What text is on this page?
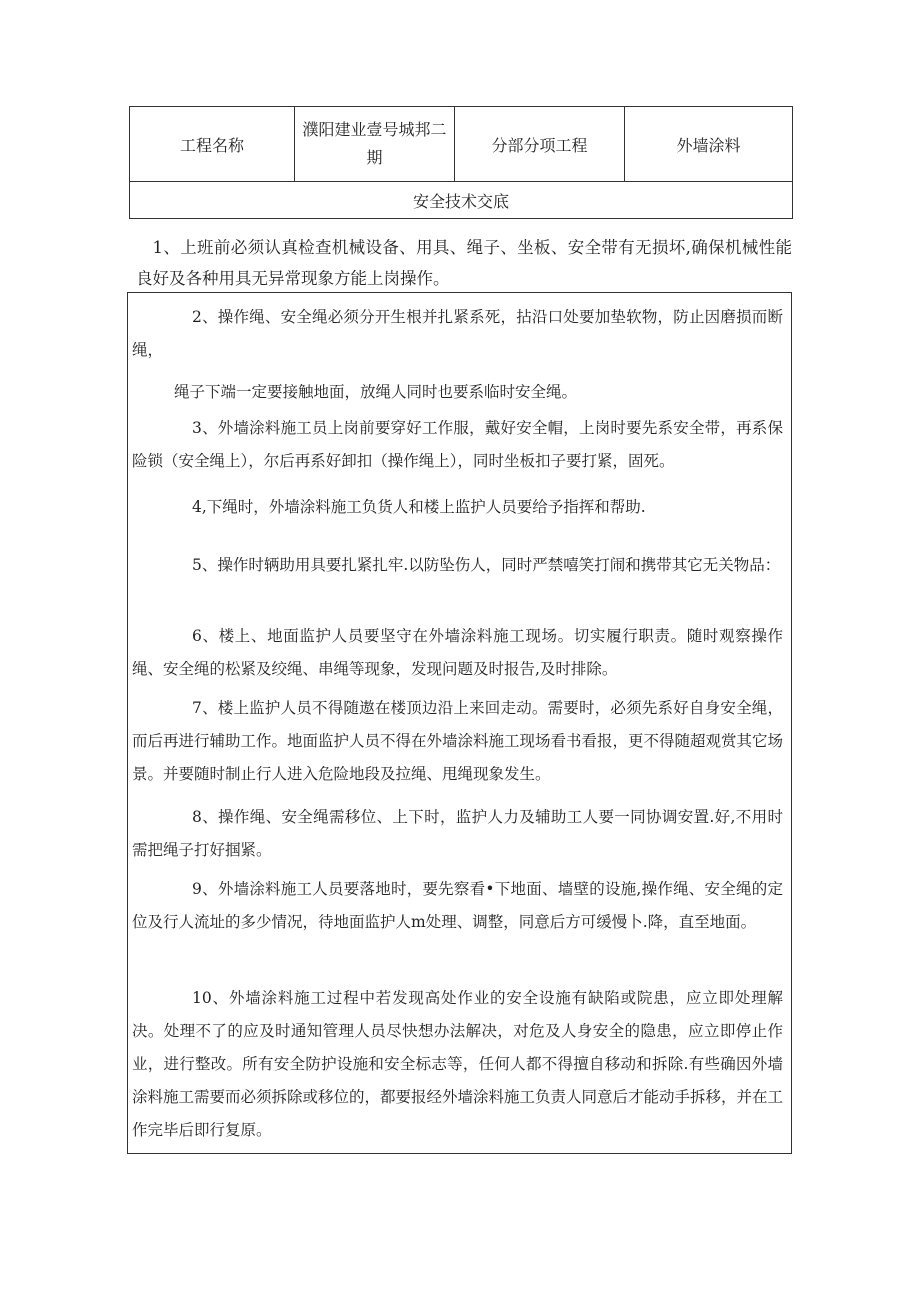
工程名称	濮阳建业壹号城邦二期	分部分项工程	外墙涂料
安全技术交底

1、上班前必须认真检查机械设备、用具、绳子、坐板、安全带有无损坏,确保机械性能良好及各种用具无异常现象方能上岗操作。

2、操作绳、安全绳必须分开生根并扎紧系死，拈沿口处要加垫软物，防止因磨损而断绳，

绳子下端一定要接触地面，放绳人同时也要系临时安全绳。

3、外墙涂料施工员上岗前要穿好工作服，戴好安全帽，上岗时要先系安全带，再系保险锁（安全绳上），尔后再系好卸扣（操作绳上），同时坐板扣子要打紧，固死。

4,下绳时，外墙涂料施工负货人和楼上监护人员要给予指挥和帮助.

5、操作时辆助用具要扎紧扎牢.以防坠伤人，同时严禁嘻笑打闹和携带其它无关物品：

6、楼上、地面监护人员要坚守在外墙涂料施工现场。切实履行职责。随时观察操作绳、安全绳的松紧及绞绳、串绳等现象，发现问题及时报告,及时排除。

7、楼上监护人员不得随遨在楼顶边沿上来回走动。需要时，必须先系好自身安全绳，而后再进行辅助工作。地面监护人员不得在外墙涂料施工现场看书看报，更不得随超观赏其它场景。并要随时制止行人进入危险地段及拉绳、甩绳现象发生。

8、操作绳、安全绳需移位、上下时，监护人力及辅助工人要一同协调安置.好,不用时需把绳子打好掴紧。

9、外墙涂料施工人员要落地时，要先察看•下地面、墙壁的设施,操作绳、安全绳的定位及行人流址的多少情况，待地面监护人m处理、调整，同意后方可缓慢卜.降，直至地面。

10、外墙涂料施工过程中若发现高处作业的安全设施有缺陷或院患，应立即处理解决。处理不了的应及时通知管理人员尽快想办法解决，对危及人身安全的隐患，应立即停止作业，进行整改。所有安全防护设施和安全标志等，任何人都不得擅自移动和拆除.有些确因外墙涂料施工需要而必须拆除或移位的，都要报经外墙涂料施工负责人同意后才能动手拆移，并在工作完毕后即行复原。
